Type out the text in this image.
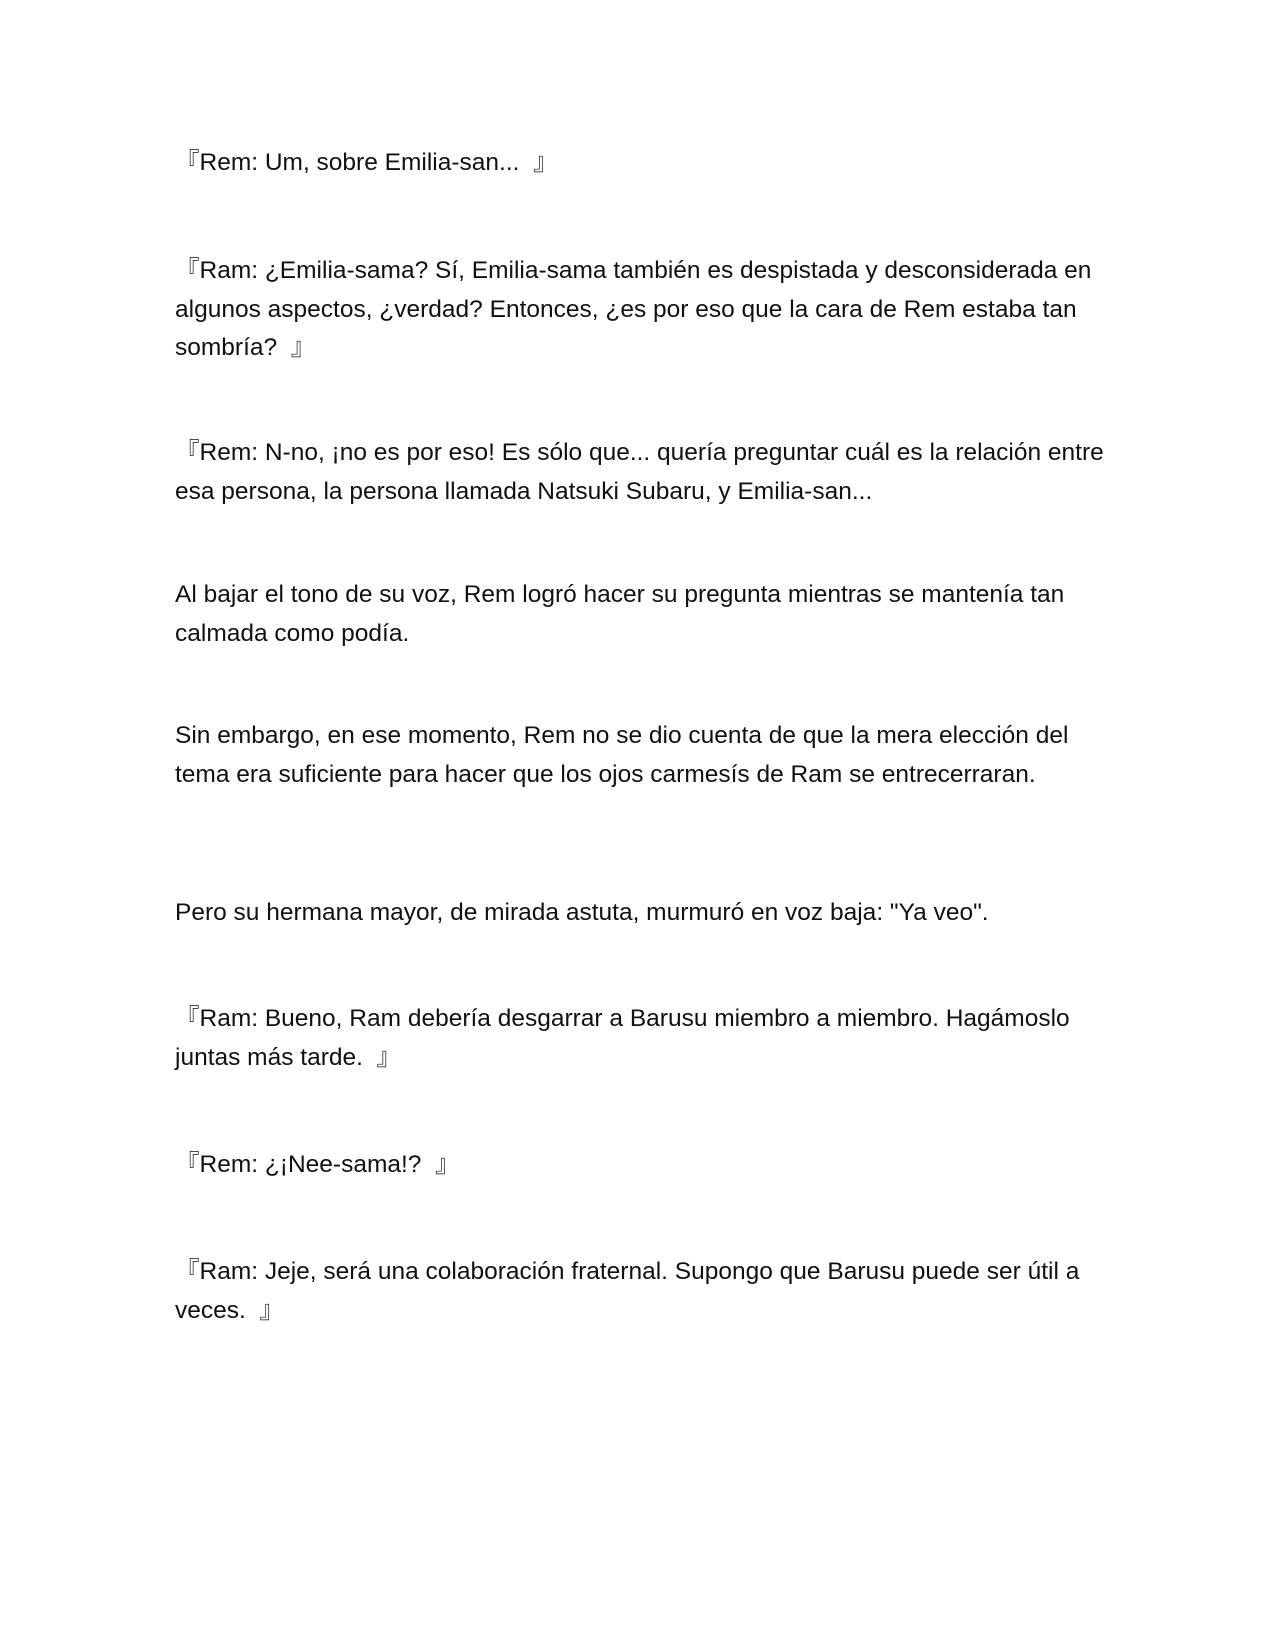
『Rem: Um, sobre Emilia-san...  』

『Ram: ¿Emilia-sama? Sí, Emilia-sama también es despistada y desconsiderada en algunos aspectos, ¿verdad? Entonces, ¿es por eso que la cara de Rem estaba tan sombría?  』

『Rem: N-no, ¡no es por eso! Es sólo que... quería preguntar cuál es la relación entre esa persona, la persona llamada Natsuki Subaru, y Emilia-san...

Al bajar el tono de su voz, Rem logró hacer su pregunta mientras se mantenía tan calmada como podía.

Sin embargo, en ese momento, Rem no se dio cuenta de que la mera elección del tema era suficiente para hacer que los ojos carmesís de Ram se entrecerraran.

Pero su hermana mayor, de mirada astuta, murmuró en voz baja: "Ya veo".

『Ram: Bueno, Ram debería desgarrar a Barusu miembro a miembro. Hagámoslo juntas más tarde.  』

『Rem: ¿¡Nee-sama!?  』

『Ram: Jeje, será una colaboración fraternal. Supongo que Barusu puede ser útil a veces.  』
